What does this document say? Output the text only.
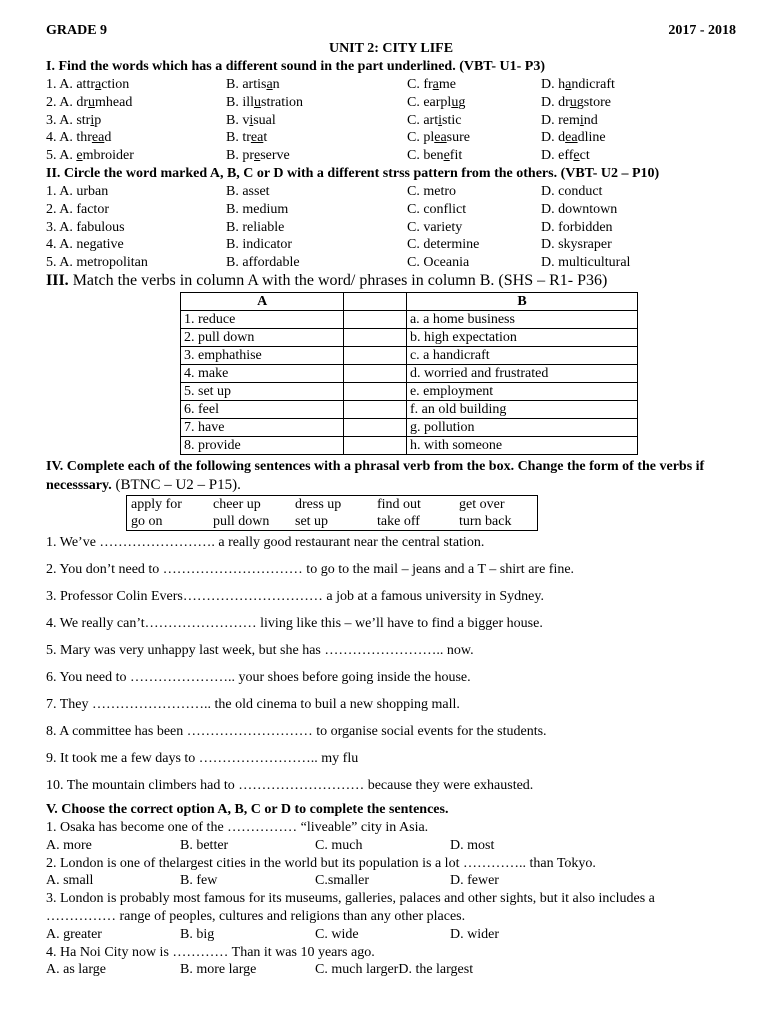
GRADE 9	2017 - 2018
UNIT 2: CITY LIFE
I. Find the words which has a different sound in the part underlined. (VBT- U1- P3)
1. A. attraction	B. artisan	C. frame	D. handicraft
2. A. drumhead	B. illustration	C. earplug	D. drugstore
3. A. strip	B. visual	C. artistic	D. remind
4. A. thread	B. treat	C. pleasure	D. deadline
5. A. embroider	B. preserve	C. benefit	D. effect
II. Circle the word marked A, B, C or D with a different strss pattern from the others. (VBT- U2 – P10)
1. A. urban	B. asset	C. metro	D. conduct
2. A. factor	B. medium	C. conflict	D. downtown
3. A. fabulous	B. reliable	C. variety	D. forbidden
4. A. negative	B. indicator	C. determine	D. skysraper
5. A. metropolitan	B. affordable	C. Oceania	D. multicultural
III. Match the verbs in column A with the word/ phrases in column B. (SHS – R1- P36)
A		B
1. reduce		a. a home business
2. pull down		b. high expectation
3. emphathise		c. a handicraft
4. make		d. worried and frustrated
5. set up		e. employment
6. feel		f. an old building
7. have		g. pollution
8. provide		h. with someone
IV. Complete each of the following sentences with a phrasal verb from the box. Change the form of the verbs if necesssary. (BTNC – U2 – P15).
apply for	cheer up	dress up	find out	get over
go on	pull down	set up	take off	turn back
1. We’ve ……………………. a really good restaurant near the central station.
2. You don’t need to ………………………… to go to the mail – jeans and a T – shirt are fine.
3. Professor Colin Evers………………………… a job at a famous university in Sydney.
4. We really can’t…………………… living like this – we’ll have to find a bigger house.
5. Mary was very unhappy last week, but she has …………………….. now.
6. You need to ………………….. your shoes before going inside the house.
7. They …………………….. the old cinema to buil a new shopping mall.
8. A committee has been ……………………… to organise social events for the students.
9. It took me a few days to …………………….. my flu
10. The mountain climbers had to ……………………… because they were exhausted.
V. Choose the correct option A, B, C or D to complete the sentences.
1. Osaka has become one of the …………… “liveable” city in Asia.
A. more	B. better	C. much	D. most
2. London is one of thelargest cities in the world but its population is a lot ………….. than Tokyo.
A. small	B. few	C.smaller	D. fewer
3. London is probably most famous for its museums, galleries, palaces and other sights, but it also includes a
…………… range of peoples, cultures and religions than any other places.
A. greater	B. big	C. wide	D. wider
4. Ha Noi City now is ………… Than it was 10 years ago.
A. as large	B. more large	C. much largerD. the largest
